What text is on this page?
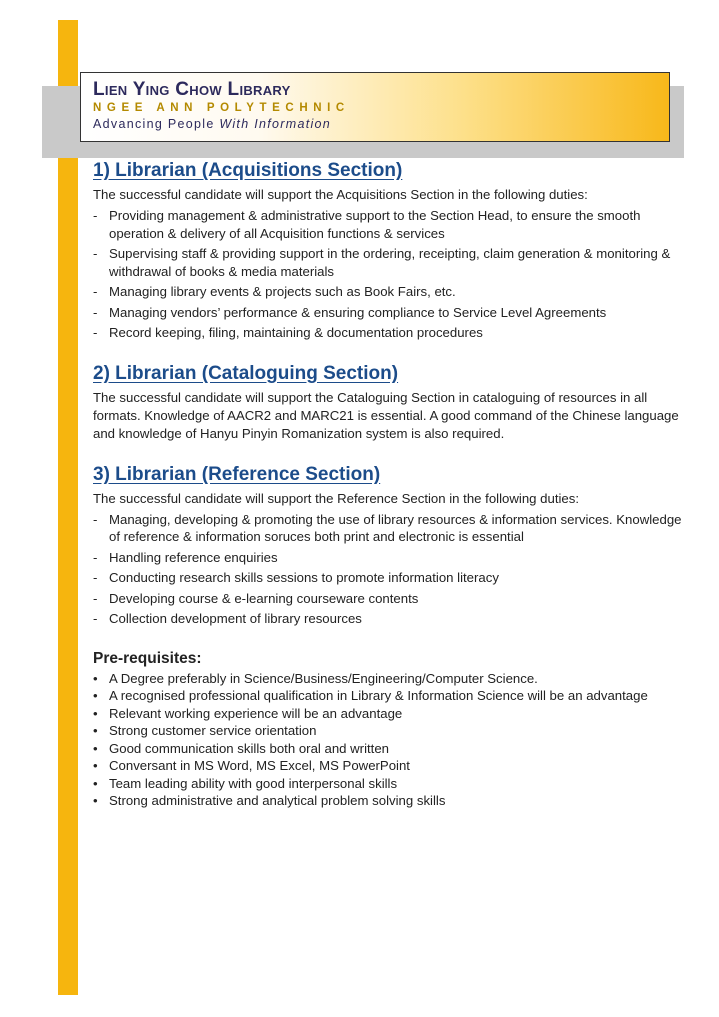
Lien Ying Chow Library
NGEE ANN POLYTECHNIC
Advancing People With Information
1) Librarian (Acquisitions Section)

The successful candidate will support the Acquisitions Section in the following duties:

- Providing management & administrative support to the Section Head, to ensure the smooth operation & delivery of all Acquisition functions & services
- Supervising staff & providing support in the ordering, receipting, claim generation & monitoring & withdrawal of books & media materials
- Managing library events & projects such as Book Fairs, etc.
- Managing vendors’ performance & ensuring compliance to Service Level Agreements
- Record keeping, filing, maintaining & documentation procedures
2) Librarian (Cataloguing Section)

The successful candidate will support the Cataloguing Section in cataloguing of resources in all formats. Knowledge of AACR2 and MARC21 is essential. A good command of the Chinese language and knowledge of Hanyu Pinyin Romanization system is also required.

3) Librarian (Reference Section)

The successful candidate will support the Reference Section in the following duties:

- Managing, developing & promoting the use of library resources & information services. Knowledge of reference & information soruces both print and electronic is essential
- Handling reference enquiries
- Conducting research skills sessions to promote information literacy
- Developing course & e-learning courseware contents
- Collection development of library resources
Pre-requisites:
• A Degree preferably in Science/Business/Engineering/Computer Science.
• A recognised professional qualification in Library & Information Science will be an advantage
• Relevant working experience will be an advantage
• Strong customer service orientation
• Good communication skills both oral and written
• Conversant in MS Word, MS Excel, MS PowerPoint
• Team leading ability with good interpersonal skills
• Strong administrative and analytical problem solving skills
